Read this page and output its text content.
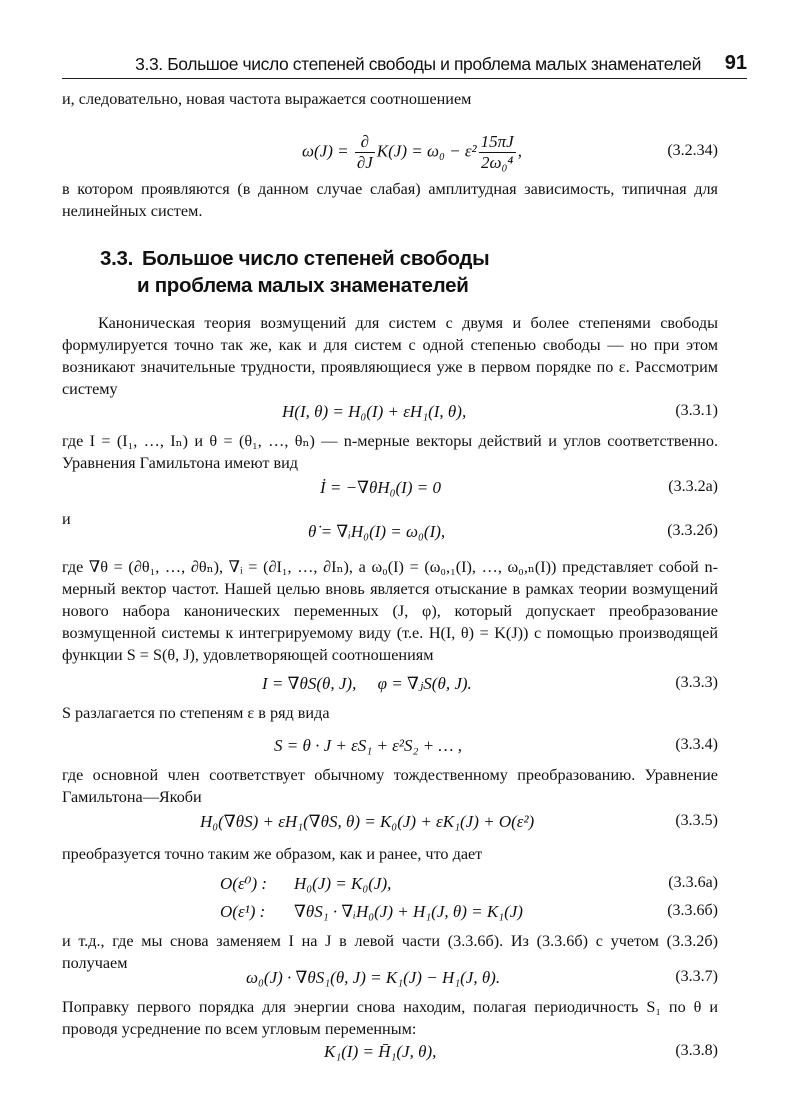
3.3. Большое число степеней свободы и проблема малых знаменателей 91

и, следовательно, новая частота выражается соотношением

$\omega(J) = \frac{\partial}{\partial J} K(J) = \omega_0 - \varepsilon^2 \frac{15\pi J}{\text{2ω₀⁴}}$ ,	(3.2.34)

в котором проявляются (в данном случае слабая) амплитудная зависимость, типичная для нелинейных систем.

3.3. Большое число степеней свободы
и проблема малых знаменателей

Каноническая теория возмущений для систем с двумя и более степенями свободы формулируется точно так же, как и для систем с одной степенью свободы — но при этом возникают значительные трудности, проявляющиеся уже в первом порядке по ε. Рассмотрим систему

H(I, θ) = H₀(I) + εH₁(I, θ),	(3.3.1)

где I = (I₁, …, Iₙ) и θ = (θ₁, …, θₙ) — n-мерные векторы действий и углов соответственно. Уравнения Гамильтона имеют вид

İ = −∇θH₀(I) = 0	(3.3.2а)

и

θ̇ = ∇ᵢH₀(I) = ω₀(I),	(3.3.2б)

где ∇θ = (∂θ₁, …, ∂θₙ), ∇ᵢ = (∂I₁, …, ∂Iₙ), а ω₀(I) = (ω₀,₁(I), …, ω₀,ₙ(I)) представляет собой n-мерный вектор частот. Нашей целью вновь является отыскание в рамках теории возмущений нового набора канонических переменных (J, φ), который допускает преобразование возмущенной системы к интегрируемому виду (т.е. H(I, θ) = K(J)) с помощью производящей функции S = S(θ, J), удовлетворяющей соотношениям

I = ∇θS(θ, J),     φ = ∇ⱼS(θ, J).	(3.3.3)

S разлагается по степеням ε в ряд вида

S = θ · J + εS₁ + ε²S₂ + … ,	(3.3.4)

где основной член соответствует обычному тождественному преобразованию. Уравнение Гамильтона—Якоби

H₀(∇θS) + εH₁(∇θS, θ) = K₀(J) + εK₁(J) + O(ε²)	(3.3.5)

преобразуется точно таким же образом, как и ранее, что дает

O(ε⁰) : H₀(J) = K₀(J),	(3.3.6а)
O(ε¹) : ∇θS₁ · ∇ᵢH₀(J) + H₁(J, θ) = K₁(J)	(3.3.6б)

и т.д., где мы снова заменяем I на J в левой части (3.3.6б). Из (3.3.6б) с учетом (3.3.2б) получаем

ω₀(J) · ∇θS₁(θ, J) = K₁(J) − H₁(J, θ).	(3.3.7)

Поправку первого порядка для энергии снова находим, полагая периодичность S₁ по θ и проводя усреднение по всем угловым переменным:

K₁(I) = H̄₁(J, θ),	(3.3.8)
